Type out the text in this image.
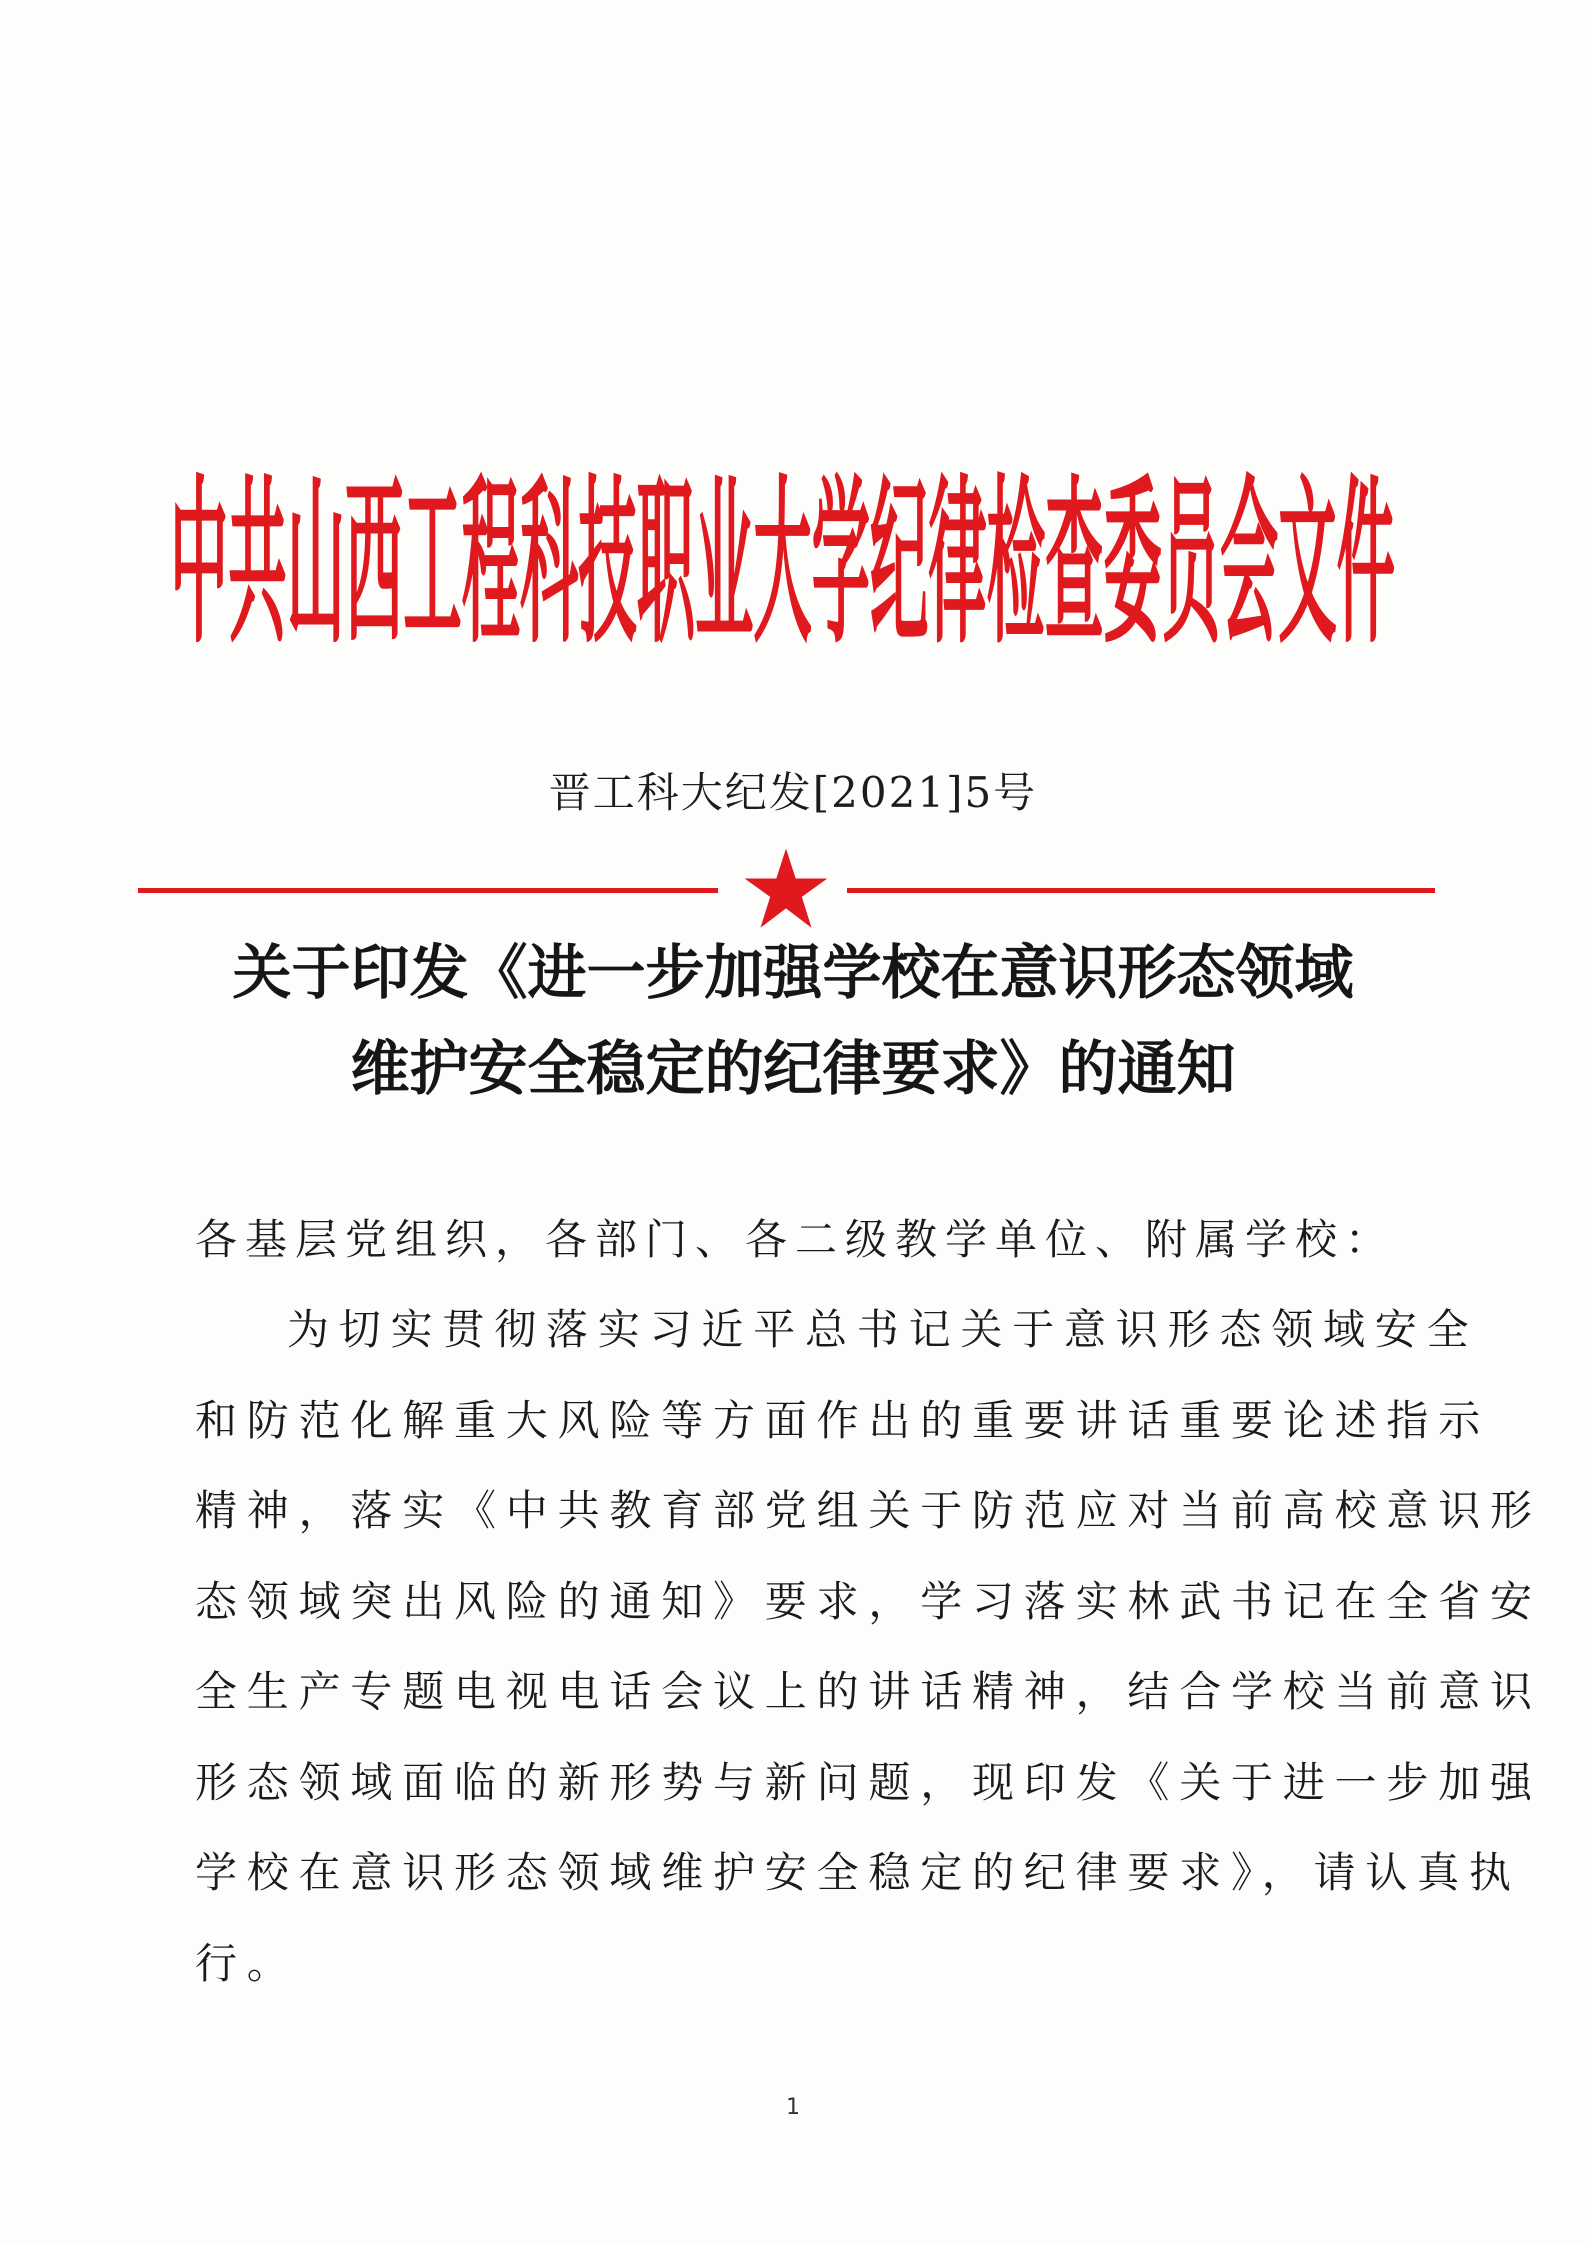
中共山西工程科技职业大学纪律检查委员会文件
晋工科大纪发[2021]5号
关于印发《进一步加强学校在意识形态领域
维护安全稳定的纪律要求》的通知
各基层党组织，各部门、各二级教学单位、附属学校：
为切实贯彻落实习近平总书记关于意识形态领域安全
和防范化解重大风险等方面作出的重要讲话重要论述指示
精神，落实《中共教育部党组关于防范应对当前高校意识形
态领域突出风险的通知》要求，学习落实林武书记在全省安
全生产专题电视电话会议上的讲话精神，结合学校当前意识
形态领域面临的新形势与新问题，现印发《关于进一步加强
学校在意识形态领域维护安全稳定的纪律要求》，请认真执
行。
1
